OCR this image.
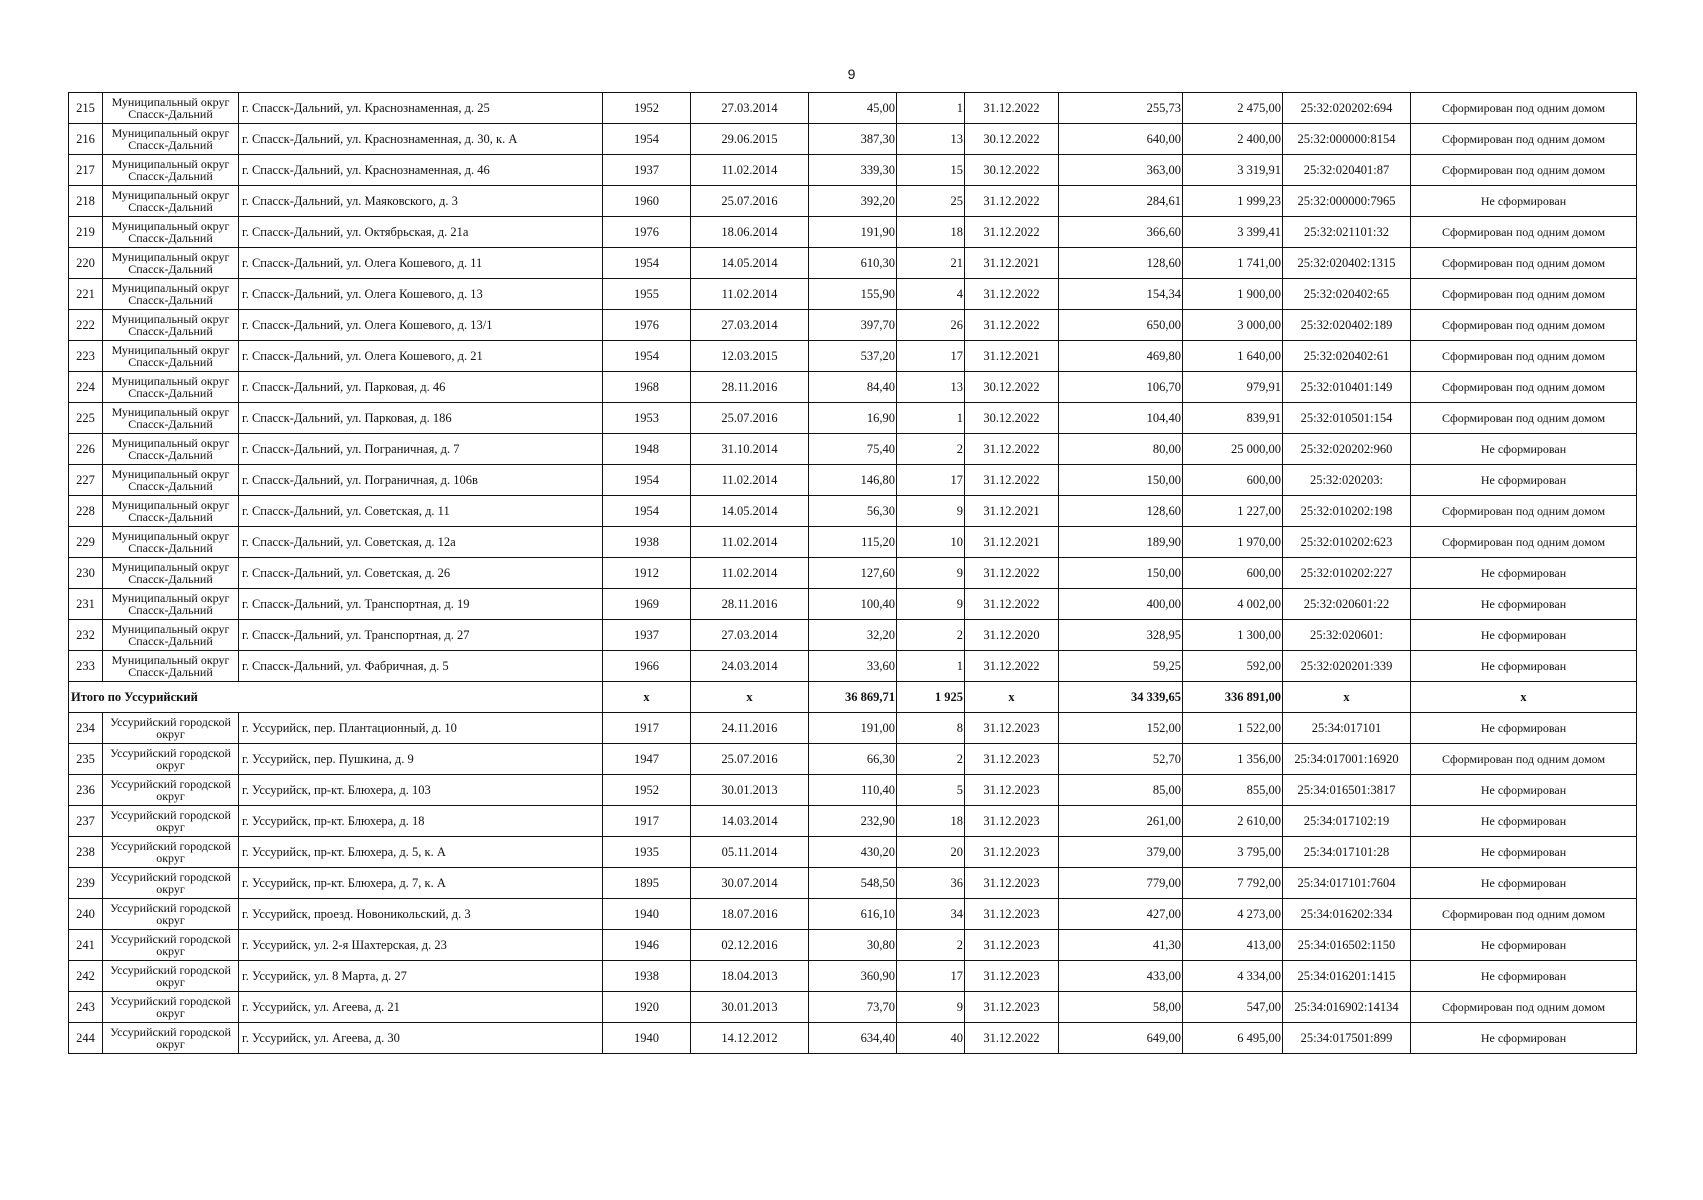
9
215	Муниципальный округ Спасск-Дальний	г. Спасск-Дальний, ул. Краснознаменная, д. 25	1952	27.03.2014	45,00	1	31.12.2022	255,73	2 475,00	25:32:020202:694	Сформирован под одним домом
216	Муниципальный округ Спасск-Дальний	г. Спасск-Дальний, ул. Краснознаменная, д. 30, к. А	1954	29.06.2015	387,30	13	30.12.2022	640,00	2 400,00	25:32:000000:8154	Сформирован под одним домом
217	Муниципальный округ Спасск-Дальний	г. Спасск-Дальний, ул. Краснознаменная, д. 46	1937	11.02.2014	339,30	15	30.12.2022	363,00	3 319,91	25:32:020401:87	Сформирован под одним домом
218	Муниципальный округ Спасск-Дальний	г. Спасск-Дальний, ул. Маяковского, д. 3	1960	25.07.2016	392,20	25	31.12.2022	284,61	1 999,23	25:32:000000:7965	Не сформирован
219	Муниципальный округ Спасск-Дальний	г. Спасск-Дальний, ул. Октябрьская, д. 21а	1976	18.06.2014	191,90	18	31.12.2022	366,60	3 399,41	25:32:021101:32	Сформирован под одним домом
220	Муниципальный округ Спасск-Дальний	г. Спасск-Дальний, ул. Олега Кошевого, д. 11	1954	14.05.2014	610,30	21	31.12.2021	128,60	1 741,00	25:32:020402:1315	Сформирован под одним домом
221	Муниципальный округ Спасск-Дальний	г. Спасск-Дальний, ул. Олега Кошевого, д. 13	1955	11.02.2014	155,90	4	31.12.2022	154,34	1 900,00	25:32:020402:65	Сформирован под одним домом
222	Муниципальный округ Спасск-Дальний	г. Спасск-Дальний, ул. Олега Кошевого, д. 13/1	1976	27.03.2014	397,70	26	31.12.2022	650,00	3 000,00	25:32:020402:189	Сформирован под одним домом
223	Муниципальный округ Спасск-Дальний	г. Спасск-Дальний, ул. Олега Кошевого, д. 21	1954	12.03.2015	537,20	17	31.12.2021	469,80	1 640,00	25:32:020402:61	Сформирован под одним домом
224	Муниципальный округ Спасск-Дальний	г. Спасск-Дальний, ул. Парковая, д. 46	1968	28.11.2016	84,40	13	30.12.2022	106,70	979,91	25:32:010401:149	Сформирован под одним домом
225	Муниципальный округ Спасск-Дальний	г. Спасск-Дальний, ул. Парковая, д. 186	1953	25.07.2016	16,90	1	30.12.2022	104,40	839,91	25:32:010501:154	Сформирован под одним домом
226	Муниципальный округ Спасск-Дальний	г. Спасск-Дальний, ул. Пограничная, д. 7	1948	31.10.2014	75,40	2	31.12.2022	80,00	25 000,00	25:32:020202:960	Не сформирован
227	Муниципальный округ Спасск-Дальний	г. Спасск-Дальний, ул. Пограничная, д. 106в	1954	11.02.2014	146,80	17	31.12.2022	150,00	600,00	25:32:020203:	Не сформирован
228	Муниципальный округ Спасск-Дальний	г. Спасск-Дальний, ул. Советская, д. 11	1954	14.05.2014	56,30	9	31.12.2021	128,60	1 227,00	25:32:010202:198	Сформирован под одним домом
229	Муниципальный округ Спасск-Дальний	г. Спасск-Дальний, ул. Советская, д. 12а	1938	11.02.2014	115,20	10	31.12.2021	189,90	1 970,00	25:32:010202:623	Сформирован под одним домом
230	Муниципальный округ Спасск-Дальний	г. Спасск-Дальний, ул. Советская, д. 26	1912	11.02.2014	127,60	9	31.12.2022	150,00	600,00	25:32:010202:227	Не сформирован
231	Муниципальный округ Спасск-Дальний	г. Спасск-Дальний, ул. Транспортная, д. 19	1969	28.11.2016	100,40	9	31.12.2022	400,00	4 002,00	25:32:020601:22	Не сформирован
232	Муниципальный округ Спасск-Дальний	г. Спасск-Дальний, ул. Транспортная, д. 27	1937	27.03.2014	32,20	2	31.12.2020	328,95	1 300,00	25:32:020601:	Не сформирован
233	Муниципальный округ Спасск-Дальний	г. Спасск-Дальний, ул. Фабричная, д. 5	1966	24.03.2014	33,60	1	31.12.2022	59,25	592,00	25:32:020201:339	Не сформирован
Итого по Уссурийский			x	x	36 869,71	1 925	x	34 339,65	336 891,00	x	x
234	Уссурийский городской округ	г. Уссурийск, пер. Плантационный, д. 10	1917	24.11.2016	191,00	8	31.12.2023	152,00	1 522,00	25:34:017101	Не сформирован
235	Уссурийский городской округ	г. Уссурийск, пер. Пушкина, д. 9	1947	25.07.2016	66,30	2	31.12.2023	52,70	1 356,00	25:34:017001:16920	Сформирован под одним домом
236	Уссурийский городской округ	г. Уссурийск, пр-кт. Блюхера, д. 103	1952	30.01.2013	110,40	5	31.12.2023	85,00	855,00	25:34:016501:3817	Не сформирован
237	Уссурийский городской округ	г. Уссурийск, пр-кт. Блюхера, д. 18	1917	14.03.2014	232,90	18	31.12.2023	261,00	2 610,00	25:34:017102:19	Не сформирован
238	Уссурийский городской округ	г. Уссурийск, пр-кт. Блюхера, д. 5, к. А	1935	05.11.2014	430,20	20	31.12.2023	379,00	3 795,00	25:34:017101:28	Не сформирован
239	Уссурийский городской округ	г. Уссурийск, пр-кт. Блюхера, д. 7, к. А	1895	30.07.2014	548,50	36	31.12.2023	779,00	7 792,00	25:34:017101:7604	Не сформирован
240	Уссурийский городской округ	г. Уссурийск, проезд. Новоникольский, д. 3	1940	18.07.2016	616,10	34	31.12.2023	427,00	4 273,00	25:34:016202:334	Сформирован под одним домом
241	Уссурийский городской округ	г. Уссурийск, ул. 2-я Шахтерская, д. 23	1946	02.12.2016	30,80	2	31.12.2023	41,30	413,00	25:34:016502:1150	Не сформирован
242	Уссурийский городской округ	г. Уссурийск, ул. 8 Марта, д. 27	1938	18.04.2013	360,90	17	31.12.2023	433,00	4 334,00	25:34:016201:1415	Не сформирован
243	Уссурийский городской округ	г. Уссурийск, ул. Агеева, д. 21	1920	30.01.2013	73,70	9	31.12.2023	58,00	547,00	25:34:016902:14134	Сформирован под одним домом
244	Уссурийский городской округ	г. Уссурийск, ул. Агеева, д. 30	1940	14.12.2012	634,40	40	31.12.2022	649,00	6 495,00	25:34:017501:899	Не сформирован
